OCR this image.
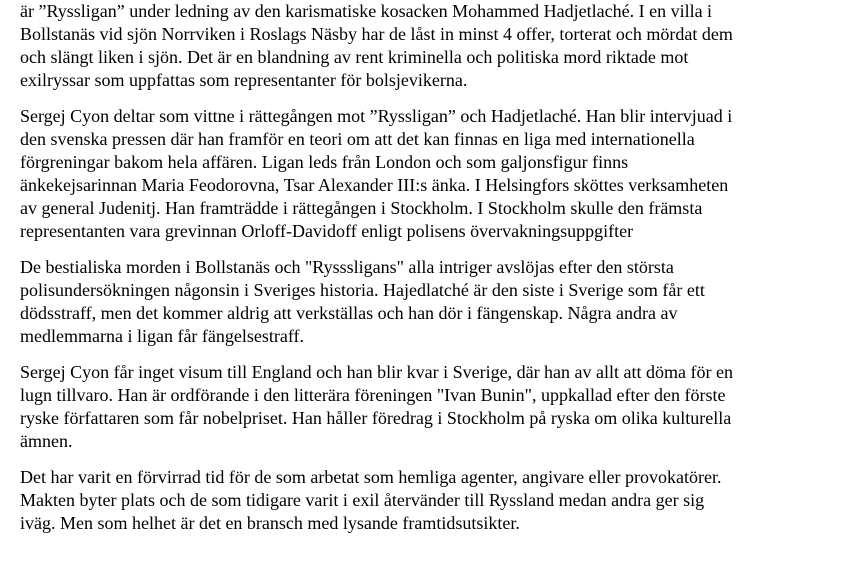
är ”Ryssligan” under ledning av den karismatiske kosacken Mohammed Hadjetlaché. I en villa i
Bollstanäs vid sjön Norrviken i Roslags Näsby har de låst in minst 4 offer, torterat och mördat dem
och slängt liken i sjön. Det är en blandning av rent kriminella och politiska mord riktade mot
exilryssar som uppfattas som representanter för bolsjevikerna.

Sergej Cyon deltar som vittne i rättegången mot ”Ryssligan” och Hadjetlaché. Han blir intervjuad i
den svenska pressen där han framför en teori om att det kan finnas en liga med internationella
förgreningar bakom hela affären. Ligan leds från London och som galjonsfigur finns
änkekejsarinnan Maria Feodorovna, Tsar Alexander III:s änka. I Helsingfors sköttes verksamheten
av general Judenitj. Han framträdde i rättegången i Stockholm. I Stockholm skulle den främsta
representanten vara grevinnan Orloff-Davidoff enligt polisens övervakningsuppgifter

De bestialiska morden i Bollstanäs och "Rysssligans" alla intriger avslöjas efter den största
polisundersökningen någonsin i Sveriges historia. Hajedlatché är den siste i Sverige som får ett
dödsstraff, men det kommer aldrig att verkställas och han dör i fängenskap. Några andra av
medlemmarna i ligan får fängelsestraff.

Sergej Cyon får inget visum till England och han blir kvar i Sverige, där han av allt att döma för en
lugn tillvaro. Han är ordförande i den litterära föreningen "Ivan Bunin", uppkallad efter den förste
ryske författaren som får nobelpriset. Han håller föredrag i Stockholm på ryska om olika kulturella
ämnen.

Det har varit en förvirrad tid för de som arbetat som hemliga agenter, angivare eller provokatörer.
Makten byter plats och de som tidigare varit i exil återvänder till Ryssland medan andra ger sig
iväg. Men som helhet är det en bransch med lysande framtidsutsikter.
